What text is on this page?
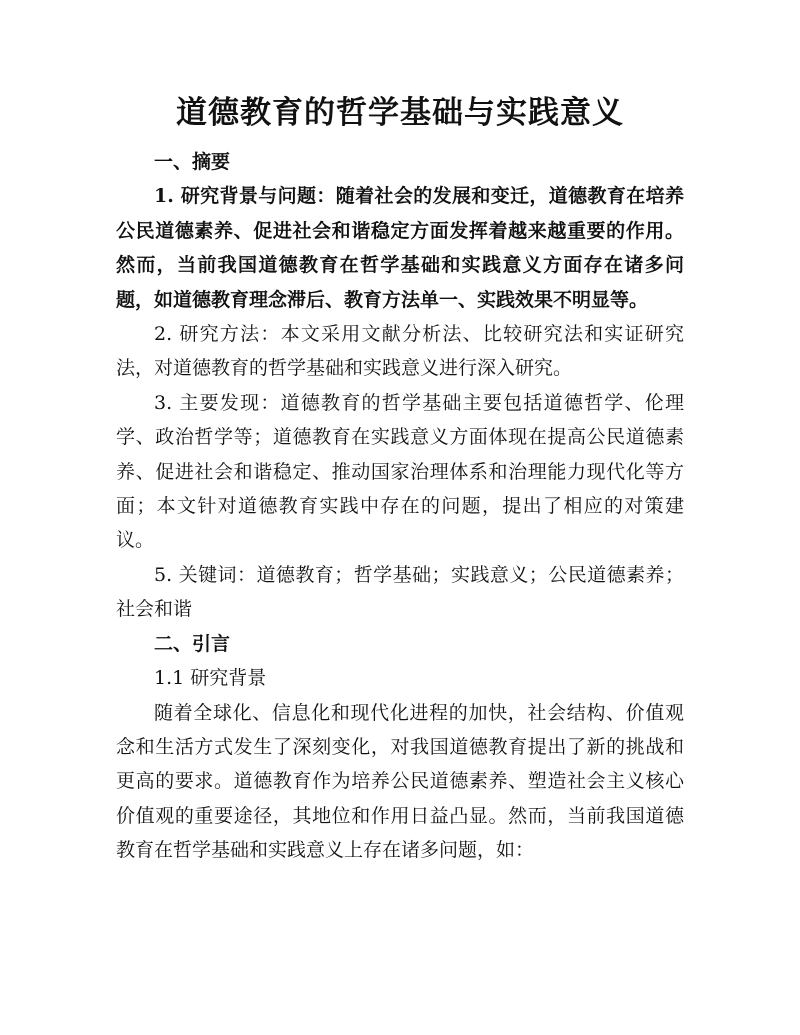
道德教育的哲学基础与实践意义

一、摘要

1. 研究背景与问题：随着社会的发展和变迁，道德教育在培养公民道德素养、促进社会和谐稳定方面发挥着越来越重要的作用。然而，当前我国道德教育在哲学基础和实践意义方面存在诸多问题，如道德教育理念滞后、教育方法单一、实践效果不明显等。

2. 研究方法：本文采用文献分析法、比较研究法和实证研究法，对道德教育的哲学基础和实践意义进行深入研究。

3. 主要发现：道德教育的哲学基础主要包括道德哲学、伦理学、政治哲学等；道德教育在实践意义方面体现在提高公民道德素养、促进社会和谐稳定、推动国家治理体系和治理能力现代化等方面；本文针对道德教育实践中存在的问题，提出了相应的对策建议。

5. 关键词：道德教育；哲学基础；实践意义；公民道德素养；社会和谐

二、引言

1.1 研究背景

随着全球化、信息化和现代化进程的加快，社会结构、价值观念和生活方式发生了深刻变化，对我国道德教育提出了新的挑战和更高的要求。道德教育作为培养公民道德素养、塑造社会主义核心价值观的重要途径，其地位和作用日益凸显。然而，当前我国道德教育在哲学基础和实践意义上存在诸多问题，如：
